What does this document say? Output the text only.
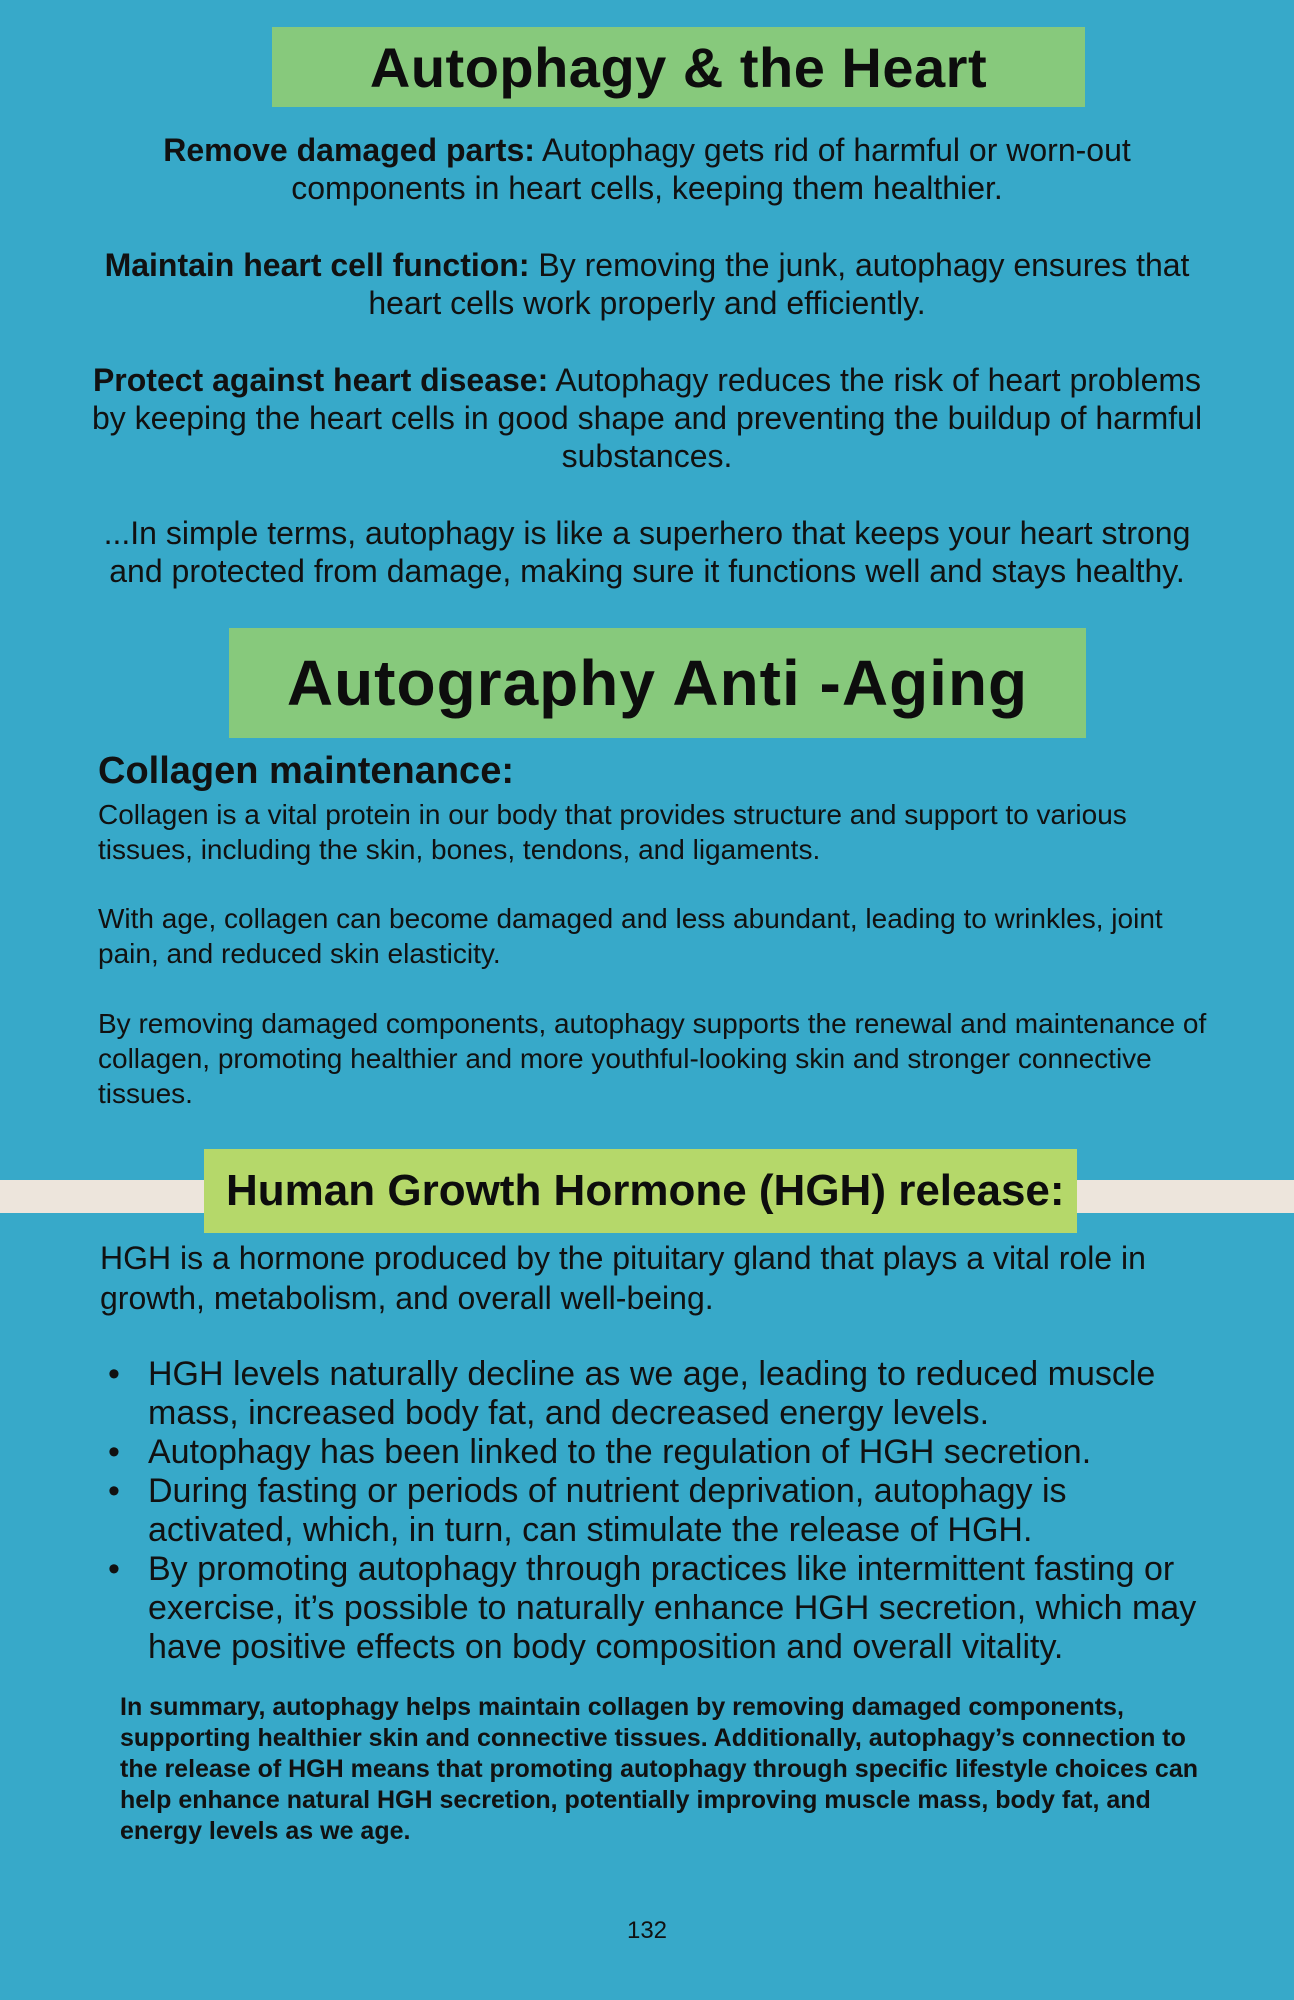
Autophagy & the Heart
Remove damaged parts: Autophagy gets rid of harmful or worn-out components in heart cells, keeping them healthier.
Maintain heart cell function: By removing the junk, autophagy ensures that heart cells work properly and efficiently.
Protect against heart disease: Autophagy reduces the risk of heart problems by keeping the heart cells in good shape and preventing the buildup of harmful substances.
...In simple terms, autophagy is like a superhero that keeps your heart strong and protected from damage, making sure it functions well and stays healthy.
Autography Anti -Aging
Collagen maintenance:
Collagen is a vital protein in our body that provides structure and support to various tissues, including the skin, bones, tendons, and ligaments.
With age, collagen can become damaged and less abundant, leading to wrinkles, joint pain, and reduced skin elasticity.
By removing damaged components, autophagy supports the renewal and maintenance of collagen, promoting healthier and more youthful-looking skin and stronger connective tissues.
Human Growth Hormone (HGH) release:
HGH is a hormone produced by the pituitary gland that plays a vital role in growth, metabolism, and overall well-being.
• HGH levels naturally decline as we age, leading to reduced muscle mass, increased body fat, and decreased energy levels.
• Autophagy has been linked to the regulation of HGH secretion.
• During fasting or periods of nutrient deprivation, autophagy is activated, which, in turn, can stimulate the release of HGH.
• By promoting autophagy through practices like intermittent fasting or exercise, it’s possible to naturally enhance HGH secretion, which may have positive effects on body composition and overall vitality.
In summary, autophagy helps maintain collagen by removing damaged components, supporting healthier skin and connective tissues. Additionally, autophagy’s connection to the release of HGH means that promoting autophagy through specific lifestyle choices can help enhance natural HGH secretion, potentially improving muscle mass, body fat, and energy levels as we age.
132
